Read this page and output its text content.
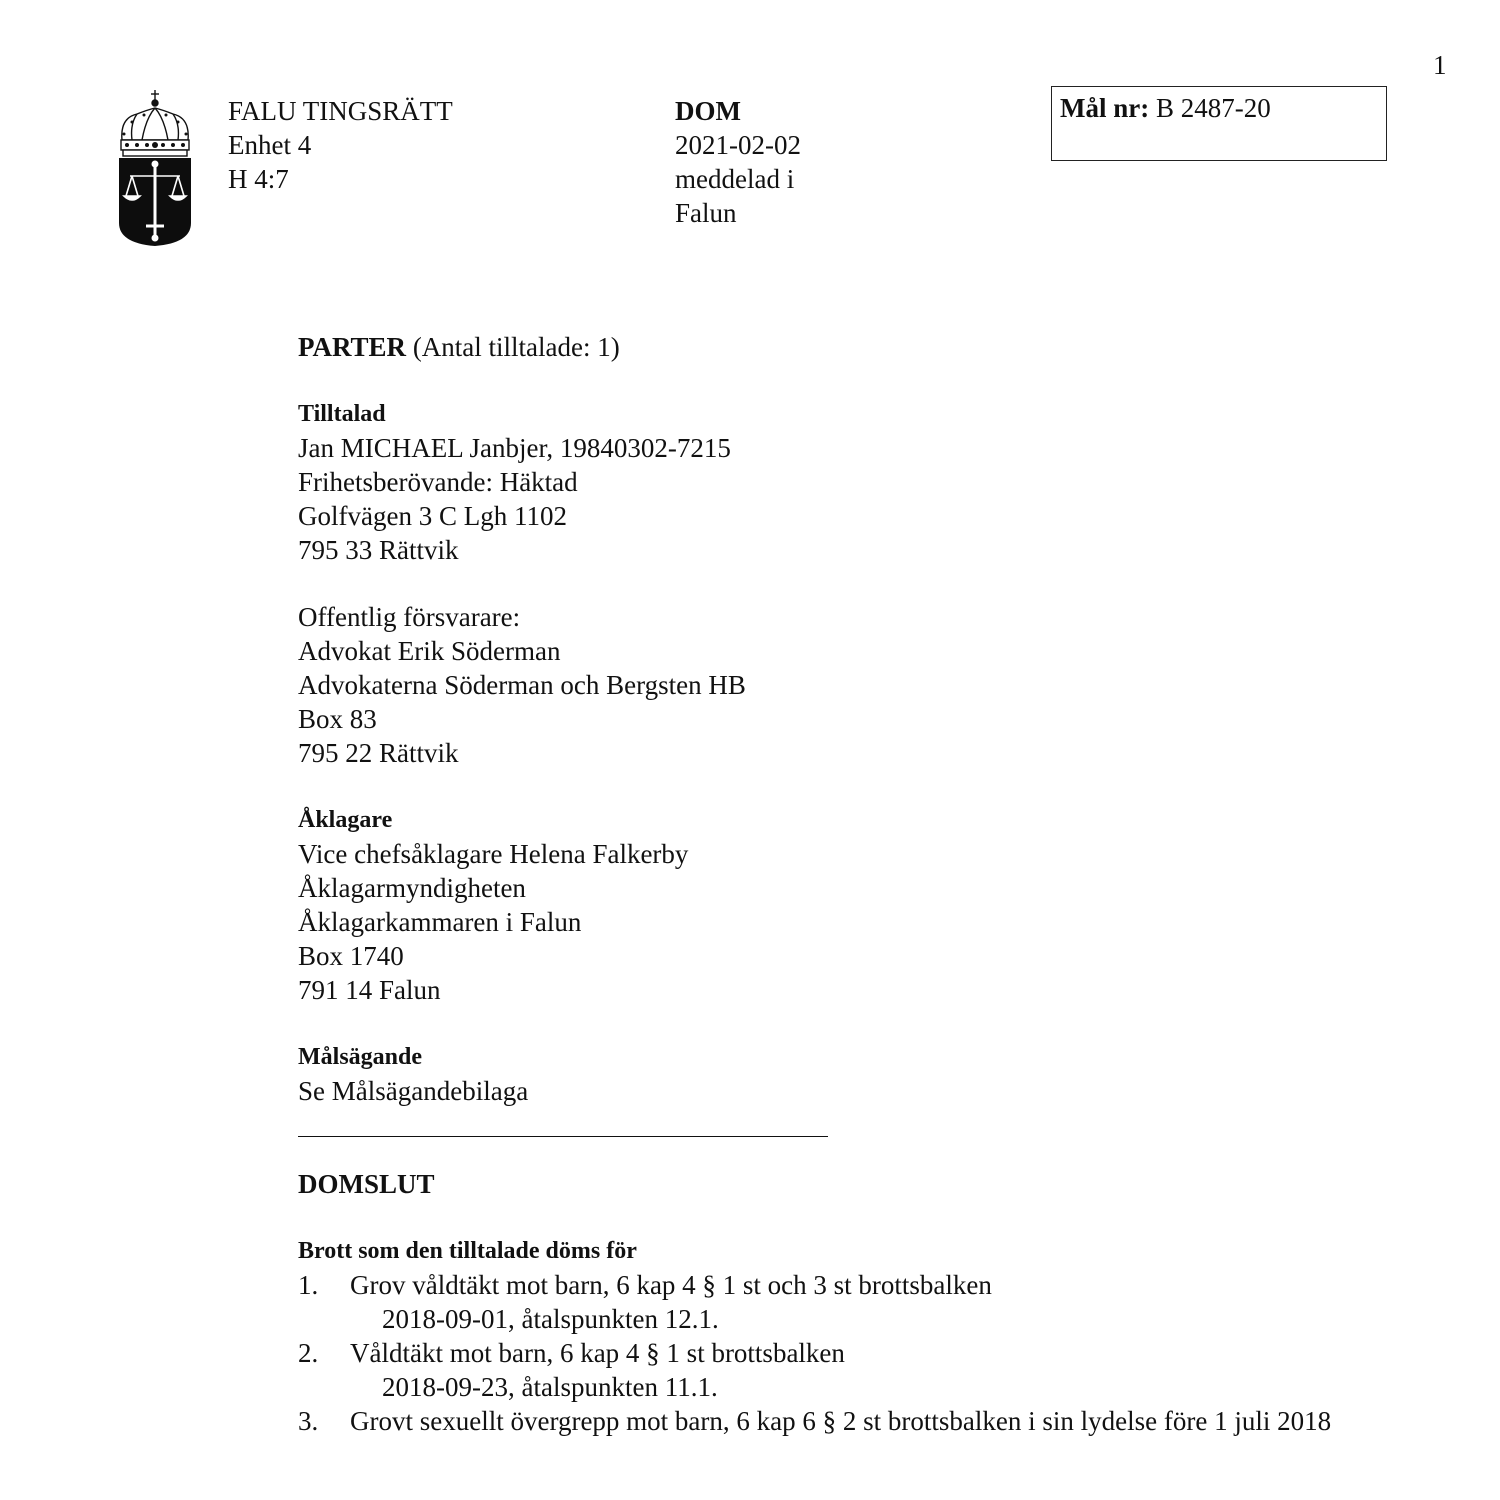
1
FALU TINGSRÄTT
Enhet 4
H 4:7
DOM
2021-02-02
meddelad i
Falun
Mål nr: B 2487-20
PARTER (Antal tilltalade: 1)
Tilltalad
Jan MICHAEL Janbjer, 19840302-7215
Frihetsberövande: Häktad
Golfvägen 3 C Lgh 1102
795 33 Rättvik
Offentlig försvarare:
Advokat Erik Söderman
Advokaterna Söderman och Bergsten HB
Box 83
795 22 Rättvik
Åklagare
Vice chefsåklagare Helena Falkerby
Åklagarmyndigheten
Åklagarkammaren i Falun
Box 1740
791 14 Falun
Målsägande
Se Målsägandebilaga
DOMSLUT
Brott som den tilltalade döms för
1. Grov våldtäkt mot barn, 6 kap 4 § 1 st och 3 st brottsbalken
2018-09-01, åtalspunkten 12.1.
2. Våldtäkt mot barn, 6 kap 4 § 1 st brottsbalken
2018-09-23, åtalspunkten 11.1.
3. Grovt sexuellt övergrepp mot barn, 6 kap 6 § 2 st brottsbalken i sin lydelse före 1 juli 2018
